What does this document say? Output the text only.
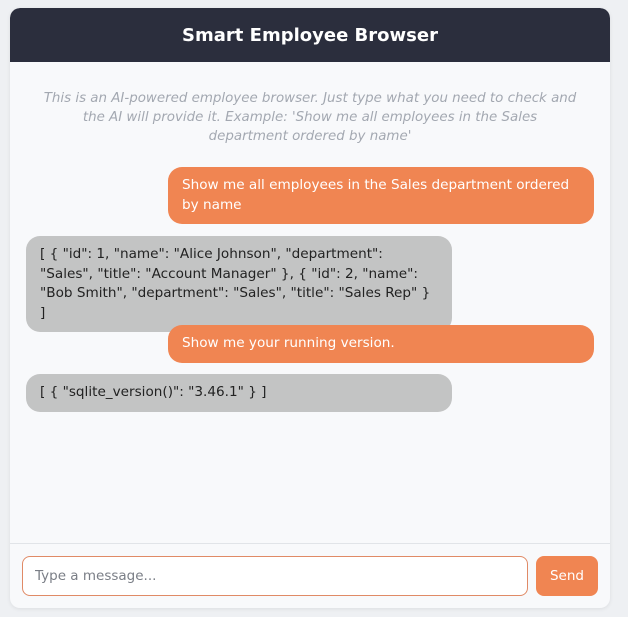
Smart Employee Browser
This is an AI-powered employee browser. Just type what you need to check and the AI will provide it. Example: 'Show me all employees in the Sales department ordered by name'
Show me all employees in the Sales department ordered by name
[ { "id": 1, "name": "Alice Johnson", "department": "Sales", "title": "Account Manager" }, { "id": 2, "name": "Bob Smith", "department": "Sales", "title": "Sales Rep" } ]
Show me your running version.
[ { "sqlite_version()": "3.46.1" } ]
Type a message...
Send
